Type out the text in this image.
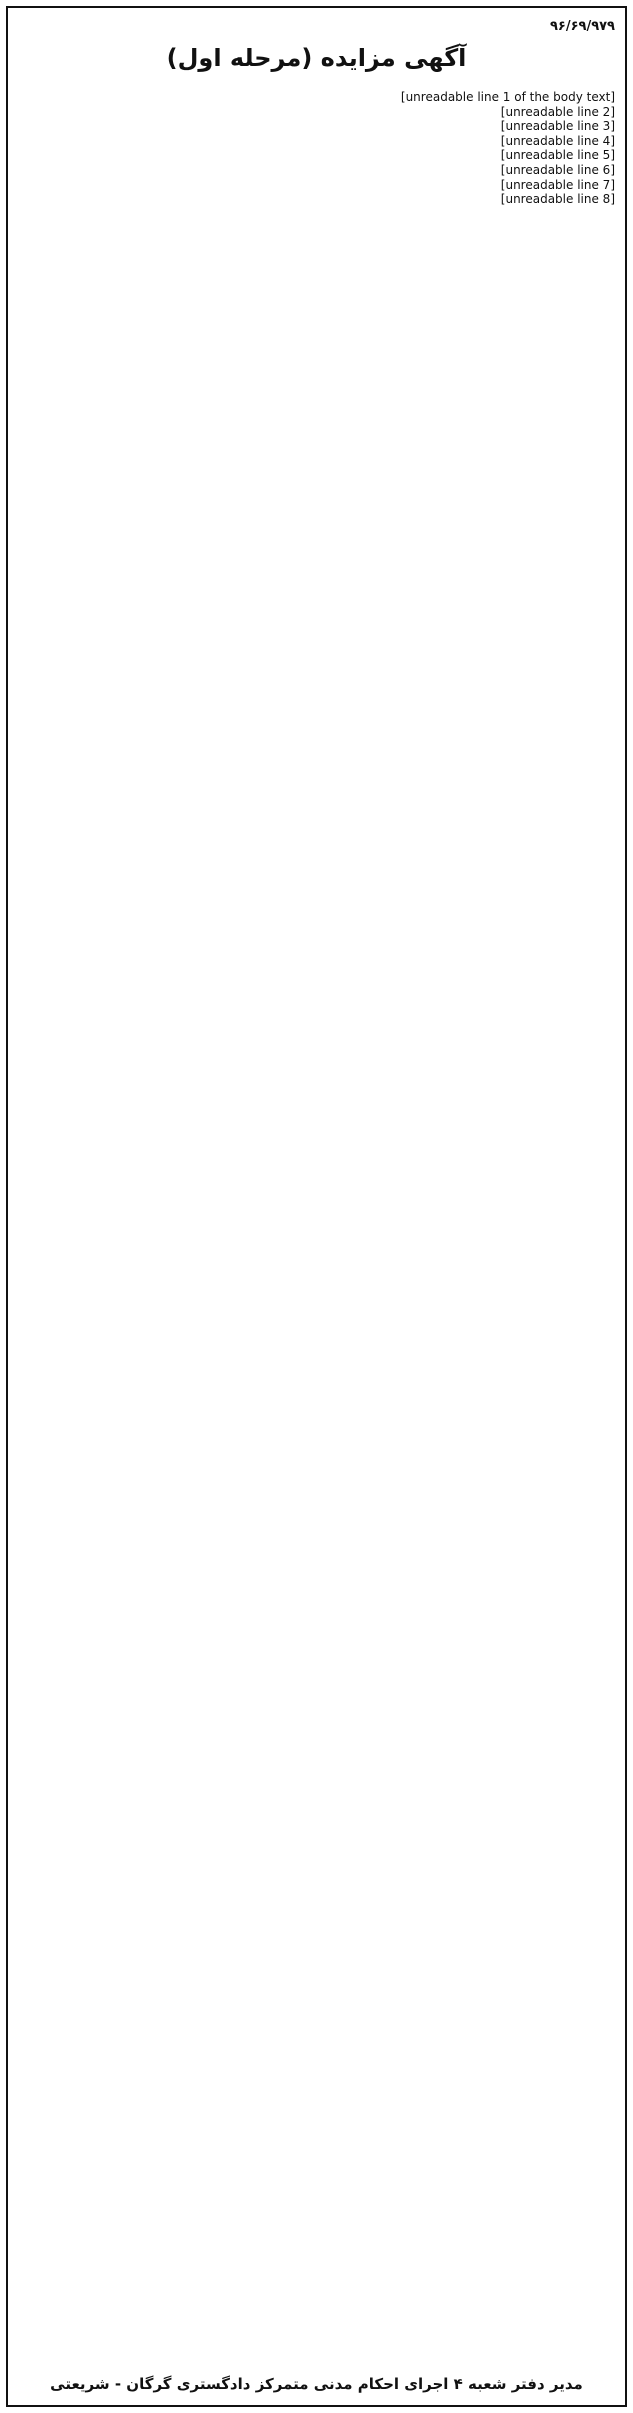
۹۶/۶۹/۹۷۹
آگهی مزایده (مرحله اول)
[unreadable line 1 of the body text]
[unreadable line 2]
[unreadable line 3]
[unreadable line 4]
[unreadable line 5]
[unreadable line 6]
[unreadable line 7]
[unreadable line 8]
مدیر دفتر شعبه ۴ اجرای احکام مدنی متمرکز دادگستری گرگان - شریعتی
